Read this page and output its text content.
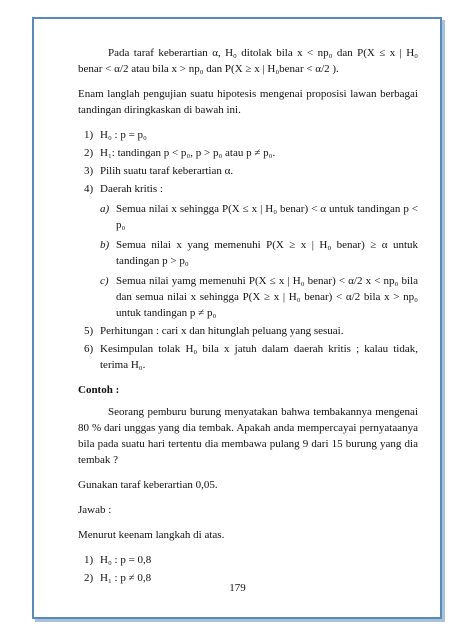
Pada taraf keberartian α, H₀ ditolak bila x < np₀ dan P(X ≤ x | H₀ benar < α/2 atau bila x > np₀ dan P(X ≥ x | H₀benar < α/2 ).

Enam langlah pengujian suatu hipotesis mengenai proposisi lawan berbagai tandingan diringkaskan di bawah ini.

1) H₀ : p = p₀
2) H₁: tandingan p < p₀, p > p₀ atau p ≠ p₀.
3) Pilih suatu taraf keberartian α.
4) Daerah kritis :
a) Semua nilai x sehingga P(X ≤ x | H₀ benar) < α untuk tandingan p < p₀
b) Semua nilai x yang memenuhi P(X ≥ x | H₀ benar) ≥ α untuk tandingan p > p₀
c) Semua nilai yamg memenuhi P(X ≤ x | H₀ benar) < α/2 x < np₀ bila dan semua nilai x sehingga P(X ≥ x | H₀ benar) < α/2 bila x > np₀ untuk tandingan p ≠ p₀
5) Perhitungan : cari x dan hitunglah peluang yang sesuai.
6) Kesimpulan tolak H₀ bila x jatuh dalam daerah kritis ; kalau tidak, terima H₀.

Contoh :

Seorang pemburu burung menyatakan bahwa tembakannya mengenai 80 % dari unggas yang dia tembak. Apakah anda mempercayai pernyataanya bila pada suatu hari tertentu dia membawa pulang 9 dari 15 burung yang dia tembak ?

Gunakan taraf keberartian 0,05.

Jawab :

Menurut keenam langkah di atas.

1) H₀ : p = 0,8
2) H₁ : p ≠ 0,8
179
